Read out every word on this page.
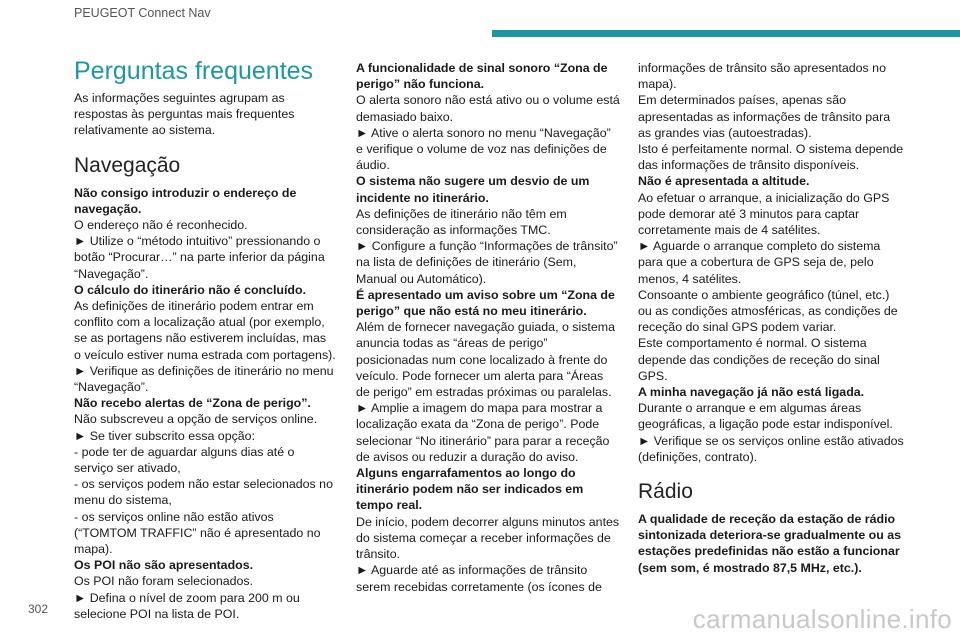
PEUGEOT Connect Nav
Perguntas frequentes
As informações seguintes agrupam as respostas às perguntas mais frequentes relativamente ao sistema.
Navegação
Não consigo introduzir o endereço de navegação.
O endereço não é reconhecido.
► Utilize o “método intuitivo” pressionando o botão “Procurar…” na parte inferior da página “Navegação”.
O cálculo do itinerário não é concluído.
As definições de itinerário podem entrar em conflito com a localização atual (por exemplo, se as portagens não estiverem incluídas, mas o veículo estiver numa estrada com portagens).
► Verifique as definições de itinerário no menu “Navegação”.
Não recebo alertas de “Zona de perigo”.
Não subscreveu a opção de serviços online.
► Se tiver subscrito essa opção:
- pode ter de aguardar alguns dias até o serviço ser ativado,
- os serviços podem não estar selecionados no menu do sistema,
- os serviços online não estão ativos (“TOMTOM TRAFFIC” não é apresentado no mapa).
Os POI não são apresentados.
Os POI não foram selecionados.
► Defina o nível de zoom para 200 m ou selecione POI na lista de POI.
A funcionalidade de sinal sonoro “Zona de perigo” não funciona.
O alerta sonoro não está ativo ou o volume está demasiado baixo.
► Ative o alerta sonoro no menu “Navegação” e verifique o volume de voz nas definições de áudio.
O sistema não sugere um desvio de um incidente no itinerário.
As definições de itinerário não têm em consideração as informações TMC.
► Configure a função “Informações de trânsito” na lista de definições de itinerário (Sem, Manual ou Automático).
É apresentado um aviso sobre um “Zona de perigo” que não está no meu itinerário.
Além de fornecer navegação guiada, o sistema anuncia todas as “áreas de perigo” posicionadas num cone localizado à frente do veículo. Pode fornecer um alerta para “Áreas de perigo” em estradas próximas ou paralelas.
► Amplie a imagem do mapa para mostrar a localização exata da “Zona de perigo”. Pode selecionar “No itinerário” para parar a receção de avisos ou reduzir a duração do aviso.
Alguns engarrafamentos ao longo do itinerário podem não ser indicados em tempo real.
De início, podem decorrer alguns minutos antes do sistema começar a receber informações de trânsito.
► Aguarde até as informações de trânsito serem recebidas corretamente (os ícones de
informações de trânsito são apresentados no mapa).
Em determinados países, apenas são apresentadas as informações de trânsito para as grandes vias (autoestradas).
Isto é perfeitamente normal. O sistema depende das informações de trânsito disponíveis.
Não é apresentada a altitude.
Ao efetuar o arranque, a inicialização do GPS pode demorar até 3 minutos para captar corretamente mais de 4 satélites.
► Aguarde o arranque completo do sistema para que a cobertura de GPS seja de, pelo menos, 4 satélites.
Consoante o ambiente geográfico (túnel, etc.) ou as condições atmosféricas, as condições de receção do sinal GPS podem variar.
Este comportamento é normal. O sistema depende das condições de receção do sinal GPS.
A minha navegação já não está ligada.
Durante o arranque e em algumas áreas geográficas, a ligação pode estar indisponível.
► Verifique se os serviços online estão ativados (definições, contrato).
Rádio
A qualidade de receção da estação de rádio sintonizada deteriora-se gradualmente ou as estações predefinidas não estão a funcionar (sem som, é mostrado 87,5 MHz, etc.).
302	carmanualsonline.info
